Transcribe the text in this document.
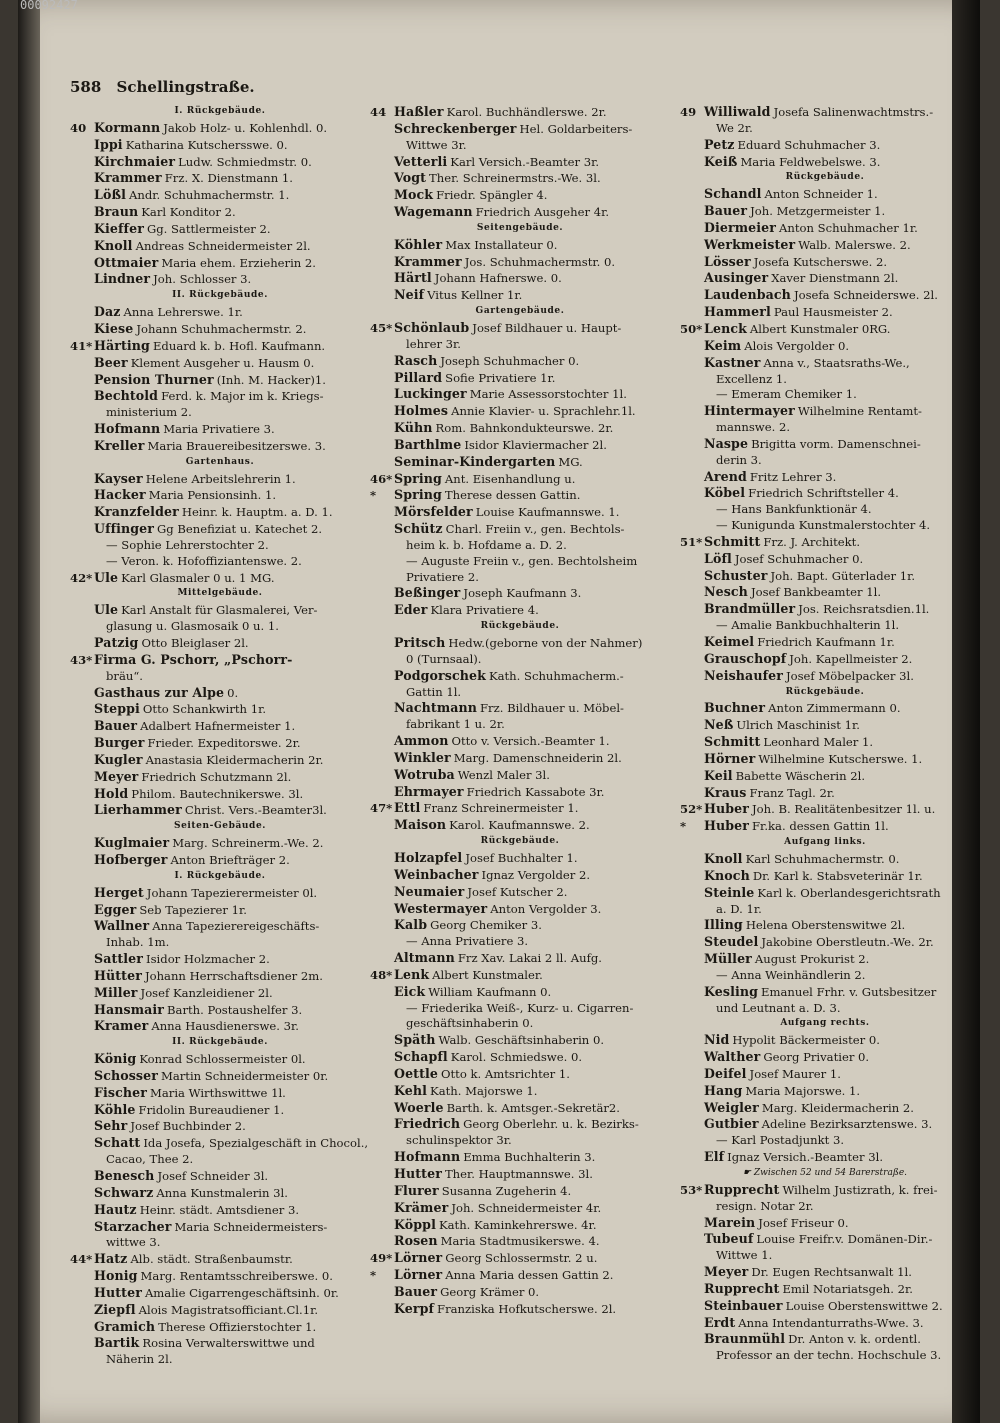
00092427
588 Schellingstraße.
I. Rückgebäude.
40 Kormann Jakob Holz- u. Kohlenhdl. 0.
Ippi Katharina Kutschersswe. 0.
Kirchmaier Ludw. Schmiedmstr. 0.
Krammer Frz. X. Dienstmann 1.
Lößl Andr. Schuhmachermstr. 1.
Braun Karl Konditor 2.
Kieffer Gg. Sattlermeister 2.
Knoll Andreas Schneidermeister 2l.
Ottmaier Maria ehem. Erzieherin 2.
Lindner Joh. Schlosser 3.
II. Rückgebäude.
Daz Anna Lehrerswe. 1r.
Kiese Johann Schuhmachermstr. 2.
41* Härting Eduard k. b. Hofl. Kaufmann.
Beer Klement Ausgeher u. Hausm 0.
Pension Thurner (Inh. M. Hacker)1.
Bechtold Ferd. k. Major im k. Kriegs-
ministerium 2.
Hofmann Maria Privatiere 3.
Kreller Maria Brauereibesitzerswe. 3.
Gartenhaus.
Kayser Helene Arbeitslehrerin 1.
Hacker Maria Pensionsinh. 1.
Kranzfelder Heinr. k. Hauptm. a. D. 1.
Uffinger Gg Benefiziat u. Katechet 2.
— Sophie Lehrerstochter 2.
— Veron. k. Hofoffiziantenswe. 2.
42* Ule Karl Glasmaler 0 u. 1 MG.
Mittelgebäude.
Ule Karl Anstalt für Glasmalerei, Ver-
glasung u. Glasmosaik 0 u. 1.
Patzig Otto Bleiglaser 2l.
43* Firma G. Pschorr, „Pschorr-
bräu“.
Gasthaus zur Alpe 0.
Steppi Otto Schankwirth 1r.
Bauer Adalbert Hafnermeister 1.
Burger Frieder. Expeditorswe. 2r.
Kugler Anastasia Kleidermacherin 2r.
Meyer Friedrich Schutzmann 2l.
Hold Philom. Bautechnikerswe. 3l.
Lierhammer Christ. Vers.-Beamter3l.
Seiten-Gebäude.
Kuglmaier Marg. Schreinerm.-We. 2.
Hofberger Anton Briefträger 2.
I. Rückgebäude.
Herget Johann Tapezierermeister 0l.
Egger Seb Tapezierer 1r.
Wallner Anna Tapezierereigeschäfts-
Inhab. 1m.
Sattler Isidor Holzmacher 2.
Hütter Johann Herrschaftsdiener 2m.
Miller Josef Kanzleidiener 2l.
Hansmair Barth. Postaushelfer 3.
Kramer Anna Hausdienerswe. 3r.
II. Rückgebäude.
König Konrad Schlossermeister 0l.
Schosser Martin Schneidermeister 0r.
Fischer Maria Wirthswittwe 1l.
Köhle Fridolin Bureaudiener 1.
Sehr Josef Buchbinder 2.
Schatt Ida Josefa, Spezialgeschäft in Chocol.,
Cacao, Thee 2.
Benesch Josef Schneider 3l.
Schwarz Anna Kunstmalerin 3l.
Hautz Heinr. städt. Amtsdiener 3.
Starzacher Maria Schneidermeisters-
wittwe 3.
44* Hatz Alb. städt. Straßenbaumstr.
Honig Marg. Rentamtsschreiberswe. 0.
Hutter Amalie Cigarrengeschäftsinh. 0r.
Ziepfl Alois Magistratsofficiant.Cl.1r.
Gramich Therese Offizierstochter 1.
Bartik Rosina Verwalterswittwe und
Näherin 2l.
44 Haßler Karol. Buchhändlerswe. 2r.
Schreckenberger Hel. Goldarbeiters-
Wittwe 3r.
Vetterli Karl Versich.-Beamter 3r.
Vogt Ther. Schreinermstrs.-We. 3l.
Mock Friedr. Spängler 4.
Wagemann Friedrich Ausgeher 4r.
Seitengebäude.
Köhler Max Installateur 0.
Krammer Jos. Schuhmachermstr. 0.
Härtl Johann Hafnerswe. 0.
Neif Vitus Kellner 1r.
Gartengebäude.
45* Schönlaub Josef Bildhauer u. Haupt-
lehrer 3r.
Rasch Joseph Schuhmacher 0.
Pillard Sofie Privatiere 1r.
Luckinger Marie Assessorstochter 1l.
Holmes Annie Klavier- u. Sprachlehr.1l.
Kühn Rom. Bahnkondukteurswe. 2r.
Barthlme Isidor Klaviermacher 2l.
Seminar-Kindergarten MG.
46* Spring Ant. Eisenhandlung u.
* Spring Therese dessen Gattin.
Mörsfelder Louise Kaufmannswe. 1.
Schütz Charl. Freiin v., gen. Bechtols-
heim k. b. Hofdame a. D. 2.
— Auguste Freiin v., gen. Bechtolsheim
Privatiere 2.
Beßinger Joseph Kaufmann 3.
Eder Klara Privatiere 4.
Rückgebäude.
Pritsch Hedw.(geborne von der Nahmer)
0 (Turnsaal).
Podgorschek Kath. Schuhmacherm.-
Gattin 1l.
Nachtmann Frz. Bildhauer u. Möbel-
fabrikant 1 u. 2r.
Ammon Otto v. Versich.-Beamter 1.
Winkler Marg. Damenschneiderin 2l.
Wotruba Wenzl Maler 3l.
Ehrmayer Friedrich Kassabote 3r.
47* Ettl Franz Schreinermeister 1.
Maison Karol. Kaufmannswe. 2.
Rückgebäude.
Holzapfel Josef Buchhalter 1.
Weinbacher Ignaz Vergolder 2.
Neumaier Josef Kutscher 2.
Westermayer Anton Vergolder 3.
Kalb Georg Chemiker 3.
— Anna Privatiere 3.
Altmann Frz Xav. Lakai 2 ll. Aufg.
48* Lenk Albert Kunstmaler.
Eick William Kaufmann 0.
— Friederika Weiß-, Kurz- u. Cigarren-
geschäftsinhaberin 0.
Späth Walb. Geschäftsinhaberin 0.
Schapfl Karol. Schmiedswe. 0.
Oettle Otto k. Amtsrichter 1.
Kehl Kath. Majorswe 1.
Woerle Barth. k. Amtsger.-Sekretär2.
Friedrich Georg Oberlehr. u. k. Bezirks-
schulinspektor 3r.
Hofmann Emma Buchhalterin 3.
Hutter Ther. Hauptmannswe. 3l.
Flurer Susanna Zugeherin 4.
Krämer Joh. Schneidermeister 4r.
Köppl Kath. Kaminkehrerswe. 4r.
Rosen Maria Stadtmusikerswe. 4.
49* Lörner Georg Schlossermstr. 2 u.
* Lörner Anna Maria dessen Gattin 2.
Bauer Georg Krämer 0.
Kerpf Franziska Hofkutscherswe. 2l.
49 Williwald Josefa Salinenwachtmstrs.-
We 2r.
Petz Eduard Schuhmacher 3.
Keiß Maria Feldwebelswe. 3.
Rückgebäude.
Schandl Anton Schneider 1.
Bauer Joh. Metzgermeister 1.
Diermeier Anton Schuhmacher 1r.
Werkmeister Walb. Malerswe. 2.
Lösser Josefa Kutscherswe. 2.
Ausinger Xaver Dienstmann 2l.
Laudenbach Josefa Schneiderswe. 2l.
Hammerl Paul Hausmeister 2.
50* Lenck Albert Kunstmaler 0RG.
Keim Alois Vergolder 0.
Kastner Anna v., Staatsraths-We.,
Excellenz 1.
— Emeram Chemiker 1.
Hintermayer Wilhelmine Rentamt-
mannswe. 2.
Naspe Brigitta vorm. Damenschnei-
derin 3.
Arend Fritz Lehrer 3.
Köbel Friedrich Schriftsteller 4.
— Hans Bankfunktionär 4.
— Kunigunda Kunstmalerstochter 4.
51* Schmitt Frz. J. Architekt.
Löfl Josef Schuhmacher 0.
Schuster Joh. Bapt. Güterlader 1r.
Nesch Josef Bankbeamter 1l.
Brandmüller Jos. Reichsratsdien.1l.
— Amalie Bankbuchhalterin 1l.
Keimel Friedrich Kaufmann 1r.
Grauschopf Joh. Kapellmeister 2.
Neishaufer Josef Möbelpacker 3l.
Rückgebäude.
Buchner Anton Zimmermann 0.
Neß Ulrich Maschinist 1r.
Schmitt Leonhard Maler 1.
Hörner Wilhelmine Kutscherswe. 1.
Keil Babette Wäscherin 2l.
Kraus Franz Tagl. 2r.
52* Huber Joh. B. Realitätenbesitzer 1l. u.
* Huber Fr.ka. dessen Gattin 1l.
Aufgang links.
Knoll Karl Schuhmachermstr. 0.
Knoch Dr. Karl k. Stabsveterinär 1r.
Steinle Karl k. Oberlandesgerichtsrath
a. D. 1r.
Illing Helena Oberstenswitwe 2l.
Steudel Jakobine Oberstleutn.-We. 2r.
Müller August Prokurist 2.
— Anna Weinhändlerin 2.
Kesling Emanuel Frhr. v. Gutsbesitzer
und Leutnant a. D. 3.
Aufgang rechts.
Nid Hypolit Bäckermeister 0.
Walther Georg Privatier 0.
Deifel Josef Maurer 1.
Hang Maria Majorswe. 1.
Weigler Marg. Kleidermacherin 2.
Gutbier Adeline Bezirksarztenswe. 3.
— Karl Postadjunkt 3.
Elf Ignaz Versich.-Beamter 3l.
☛ Zwischen 52 und 54 Barerstraße.
53* Rupprecht Wilhelm Justizrath, k. frei-
resign. Notar 2r.
Marein Josef Friseur 0.
Tubeuf Louise Freifr.v. Domänen-Dir.-
Wittwe 1.
Meyer Dr. Eugen Rechtsanwalt 1l.
Rupprecht Emil Notariatsgeh. 2r.
Steinbauer Louise Oberstenswittwe 2.
Erdt Anna Intendanturraths-Wwe. 3.
Braunmühl Dr. Anton v. k. ordentl.
Professor an der techn. Hochschule 3.
